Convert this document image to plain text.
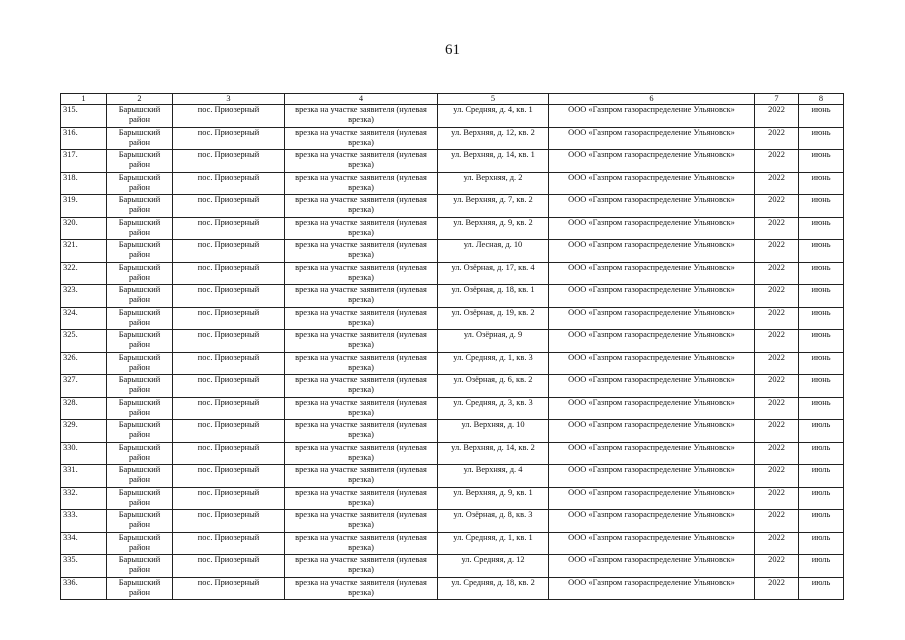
61
1	2	3	4	5	6	7	8
315.	Барышский район	пос. Приозерный	врезка на участке заявителя (нулевая врезка)	ул. Средняя, д. 4, кв. 1	ООО «Газпром газораспределение Ульяновск»	2022	июнь
316.	Барышский район	пос. Приозерный	врезка на участке заявителя (нулевая врезка)	ул. Верхняя, д. 12, кв. 2	ООО «Газпром газораспределение Ульяновск»	2022	июнь
317.	Барышский район	пос. Приозерный	врезка на участке заявителя (нулевая врезка)	ул. Верхняя, д. 14, кв. 1	ООО «Газпром газораспределение Ульяновск»	2022	июнь
318.	Барышский район	пос. Приозерный	врезка на участке заявителя (нулевая врезка)	ул. Верхняя, д. 2	ООО «Газпром газораспределение Ульяновск»	2022	июнь
319.	Барышский район	пос. Приозерный	врезка на участке заявителя (нулевая врезка)	ул. Верхняя, д. 7, кв. 2	ООО «Газпром газораспределение Ульяновск»	2022	июнь
320.	Барышский район	пос. Приозерный	врезка на участке заявителя (нулевая врезка)	ул. Верхняя, д. 9, кв. 2	ООО «Газпром газораспределение Ульяновск»	2022	июнь
321.	Барышский район	пос. Приозерный	врезка на участке заявителя (нулевая врезка)	ул. Лесная, д. 10	ООО «Газпром газораспределение Ульяновск»	2022	июнь
322.	Барышский район	пос. Приозерный	врезка на участке заявителя (нулевая врезка)	ул. Озёрная, д. 17, кв. 4	ООО «Газпром газораспределение Ульяновск»	2022	июнь
323.	Барышский район	пос. Приозерный	врезка на участке заявителя (нулевая врезка)	ул. Озёрная, д. 18, кв. 1	ООО «Газпром газораспределение Ульяновск»	2022	июнь
324.	Барышский район	пос. Приозерный	врезка на участке заявителя (нулевая врезка)	ул. Озёрная, д. 19, кв. 2	ООО «Газпром газораспределение Ульяновск»	2022	июнь
325.	Барышский район	пос. Приозерный	врезка на участке заявителя (нулевая врезка)	ул. Озёрная, д. 9	ООО «Газпром газораспределение Ульяновск»	2022	июнь
326.	Барышский район	пос. Приозерный	врезка на участке заявителя (нулевая врезка)	ул. Средняя, д. 1, кв. 3	ООО «Газпром газораспределение Ульяновск»	2022	июнь
327.	Барышский район	пос. Приозерный	врезка на участке заявителя (нулевая врезка)	ул. Озёрная, д. 6, кв. 2	ООО «Газпром газораспределение Ульяновск»	2022	июнь
328.	Барышский район	пос. Приозерный	врезка на участке заявителя (нулевая врезка)	ул. Средняя, д. 3, кв. 3	ООО «Газпром газораспределение Ульяновск»	2022	июнь
329.	Барышский район	пос. Приозерный	врезка на участке заявителя (нулевая врезка)	ул. Верхняя, д. 10	ООО «Газпром газораспределение Ульяновск»	2022	июль
330.	Барышский район	пос. Приозерный	врезка на участке заявителя (нулевая врезка)	ул. Верхняя, д. 14, кв. 2	ООО «Газпром газораспределение Ульяновск»	2022	июль
331.	Барышский район	пос. Приозерный	врезка на участке заявителя (нулевая врезка)	ул. Верхняя, д. 4	ООО «Газпром газораспределение Ульяновск»	2022	июль
332.	Барышский район	пос. Приозерный	врезка на участке заявителя (нулевая врезка)	ул. Верхняя, д. 9, кв. 1	ООО «Газпром газораспределение Ульяновск»	2022	июль
333.	Барышский район	пос. Приозерный	врезка на участке заявителя (нулевая врезка)	ул. Озёрная, д. 8, кв. 3	ООО «Газпром газораспределение Ульяновск»	2022	июль
334.	Барышский район	пос. Приозерный	врезка на участке заявителя (нулевая врезка)	ул. Средняя, д. 1, кв. 1	ООО «Газпром газораспределение Ульяновск»	2022	июль
335.	Барышский район	пос. Приозерный	врезка на участке заявителя (нулевая врезка)	ул. Средняя, д. 12	ООО «Газпром газораспределение Ульяновск»	2022	июль
336.	Барышский район	пос. Приозерный	врезка на участке заявителя (нулевая врезка)	ул. Средняя, д. 18, кв. 2	ООО «Газпром газораспределение Ульяновск»	2022	июль
